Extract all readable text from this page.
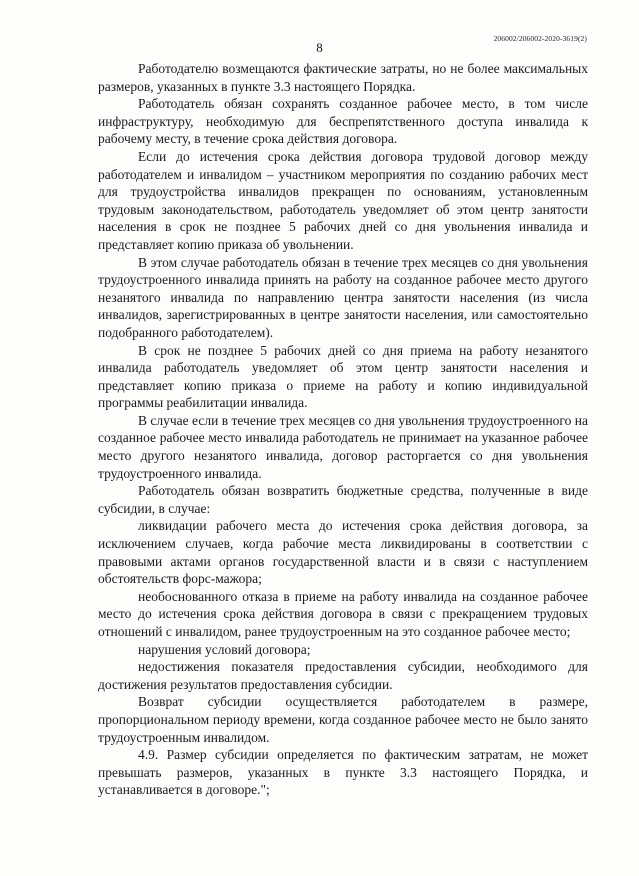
206002/206002-2020-3619(2)
8

Работодателю возмещаются фактические затраты, но не более максимальных размеров, указанных в пункте 3.3 настоящего Порядка.

Работодатель обязан сохранять созданное рабочее место, в том числе инфраструктуру, необходимую для беспрепятственного доступа инвалида к рабочему месту, в течение срока действия договора.

Если до истечения срока действия договора трудовой договор между работодателем и инвалидом – участником мероприятия по созданию рабочих мест для трудоустройства инвалидов прекращен по основаниям, установленным трудовым законодательством, работодатель уведомляет об этом центр занятости населения в срок не позднее 5 рабочих дней со дня увольнения инвалида и представляет копию приказа об увольнении.

В этом случае работодатель обязан в течение трех месяцев со дня увольнения трудоустроенного инвалида принять на работу на созданное рабочее место другого незанятого инвалида по направлению центра занятости населения (из числа инвалидов, зарегистрированных в центре занятости населения, или самостоятельно подобранного работодателем).

В срок не позднее 5 рабочих дней со дня приема на работу незанятого инвалида работодатель уведомляет об этом центр занятости населения и представляет копию приказа о приеме на работу и копию индивидуальной программы реабилитации инвалида.

В случае если в течение трех месяцев со дня увольнения трудоустроенного на созданное рабочее место инвалида работодатель не принимает на указанное рабочее место другого незанятого инвалида, договор расторгается со дня увольнения трудоустроенного инвалида.

Работодатель обязан возвратить бюджетные средства, полученные в виде субсидии, в случае:

ликвидации рабочего места до истечения срока действия договора, за исключением случаев, когда рабочие места ликвидированы в соответствии с правовыми актами органов государственной власти и в связи с наступлением обстоятельств форс-мажора;

необоснованного отказа в приеме на работу инвалида на созданное рабочее место до истечения срока действия договора в связи с прекращением трудовых отношений с инвалидом, ранее трудоустроенным на это созданное рабочее место;

нарушения условий договора;

недостижения показателя предоставления субсидии, необходимого для достижения результатов предоставления субсидии.

Возврат субсидии осуществляется работодателем в размере, пропорциональном периоду времени, когда созданное рабочее место не было занято трудоустроенным инвалидом.

4.9. Размер субсидии определяется по фактическим затратам, не может превышать размеров, указанных в пункте 3.3 настоящего Порядка, и устанавливается в договоре.";
